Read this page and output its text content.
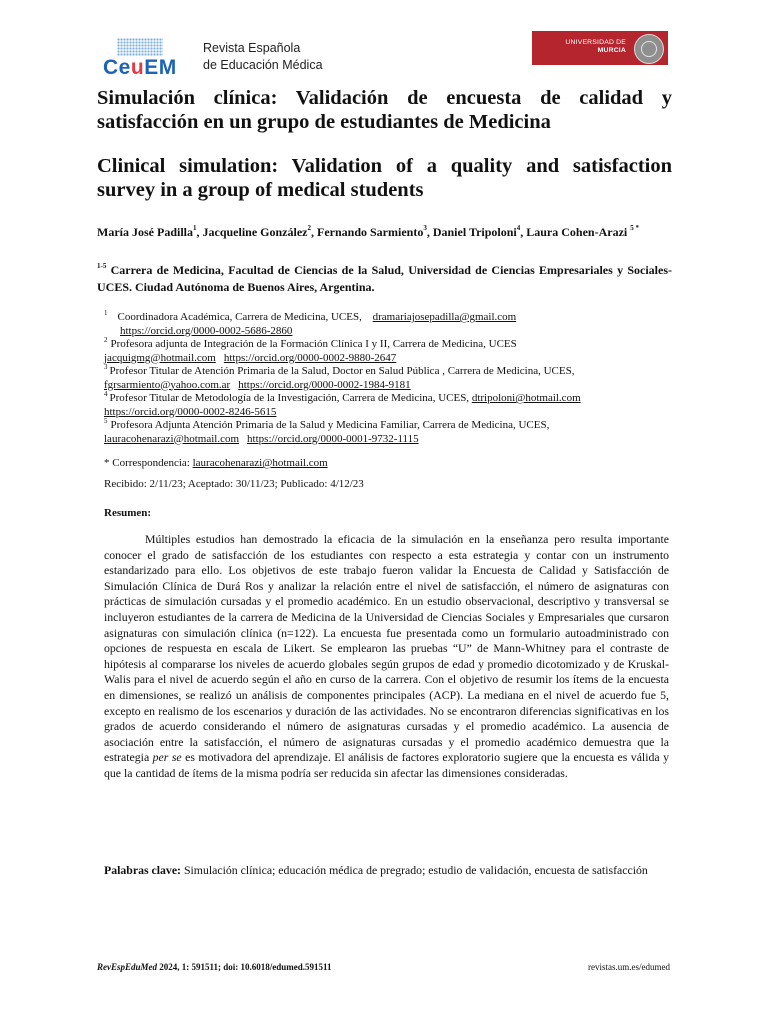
CeuEM
Revista Española
de Educación Médica
UNIVERSIDAD DE
MURCIA
Simulación clínica: Validación de encuesta de calidad y satisfacción en un grupo de estudiantes de Medicina
Clinical simulation: Validation of a quality and satisfaction survey in a group of medical students
María José Padilla$^1$, Jacqueline González$^2$, Fernando Sarmiento$^3$, Daniel Tripoloni$^4$, Laura Cohen-Arazi $^{5 *}$
$^{1-5}$ Carrera de Medicina, Facultad de Ciencias de la Salud, Universidad de Ciencias Empresariales y Sociales-UCES. Ciudad Autónoma de Buenos Aires, Argentina.
$^1$ Coordinadora Académica, Carrera de Medicina, UCES, dramariajosepadilla@gmail.com
https://orcid.org/0000-0002-5686-2860
$^2$ Profesora adjunta de Integración de la Formación Clínica I y II, Carrera de Medicina, UCES
jacquigmg@hotmail.com https://orcid.org/0000-0002-9880-2647
$^3$ Profesor Titular de Atención Primaria de la Salud, Doctor en Salud Pública , Carrera de Medicina, UCES,
fgrsarmiento@yahoo.com.ar https://orcid.org/0000-0002-1984-9181
$^4$ Profesor Titular de Metodología de la Investigación, Carrera de Medicina, UCES, dtripoloni@hotmail.com
https://orcid.org/0000-0002-8246-5615
$^5$ Profesora Adjunta Atención Primaria de la Salud y Medicina Familiar, Carrera de Medicina, UCES,
lauracohenarazi@hotmail.com https://orcid.org/0000-0001-9732-1115
* Correspondencia: lauracohenarazi@hotmail.com
Recibido: 2/11/23; Aceptado: 30/11/23; Publicado: 4/12/23
Resumen:

Múltiples estudios han demostrado la eficacia de la simulación en la enseñanza pero resulta importante conocer el grado de satisfacción de los estudiantes con respecto a esta estrategia y contar con un instrumento estandarizado para ello. Los objetivos de este trabajo fueron validar la Encuesta de Calidad y Satisfacción de Simulación Clínica de Durá Ros y analizar la relación entre el nivel de satisfacción, el número de asignaturas con prácticas de simulación cursadas y el promedio académico. En un estudio observacional, descriptivo y transversal se incluyeron estudiantes de la carrera de Medicina de la Universidad de Ciencias Sociales y Empresariales que cursaron asignaturas con simulación clínica (n=122). La encuesta fue presentada como un formulario autoadministrado con opciones de respuesta en escala de Likert. Se emplearon las pruebas “U” de Mann-Whitney para el contraste de hipótesis al compararse los niveles de acuerdo globales según grupos de edad y promedio dicotomizado y de Kruskal-Walis para el nivel de acuerdo según el año en curso de la carrera. Con el objetivo de resumir los ítems de la encuesta en dimensiones, se realizó un análisis de componentes principales (ACP). La mediana en el nivel de acuerdo fue 5, excepto en realismo de los escenarios y duración de las actividades. No se encontraron diferencias significativas en los grados de acuerdo considerando el número de asignaturas cursadas y el promedio académico. La ausencia de asociación entre la satisfacción, el número de asignaturas cursadas y el promedio académico demuestra que la estrategia per se es motivadora del aprendizaje. El análisis de factores exploratorio sugiere que la encuesta es válida y que la cantidad de ítems de la misma podría ser reducida sin afectar las dimensiones consideradas.

Palabras clave: Simulación clínica; educación médica de pregrado; estudio de validación, encuesta de satisfacción
RevEspEduMed 2024, 1: 591511; doi: 10.6018/edumed.591511	revistas.um.es/edumed
